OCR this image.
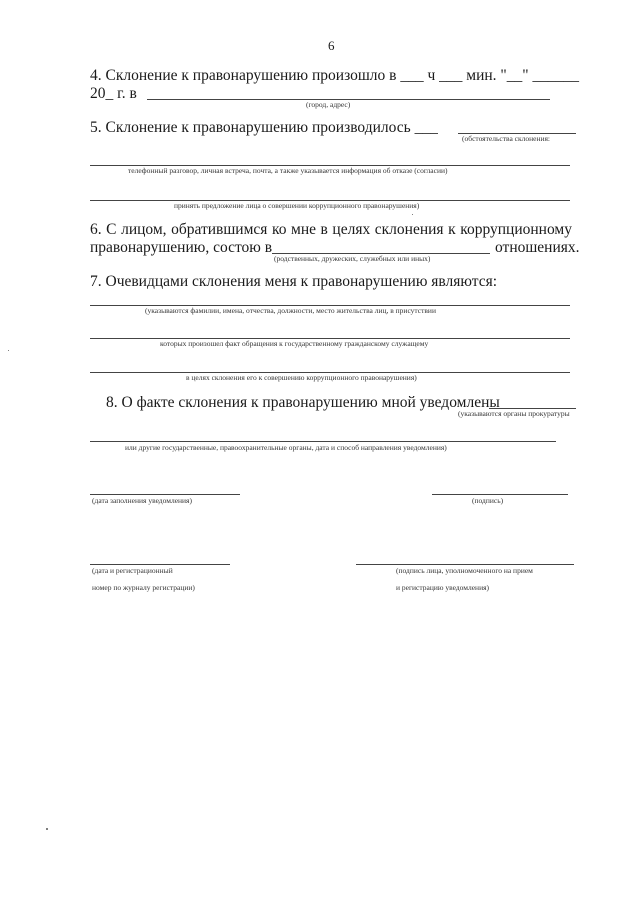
6
4. Склонение к правонарушению произошло в ___ ч ___ мин. "__" ______
20_ г. в
(город, адрес)
5. Склонение к правонарушению производилось ___
(обстоятельства склонения:
телефонный разговор, личная встреча, почта, а также указывается информация об отказе (согласии)
принять предложение лица о совершении коррупционного правонарушения)
6. С лицом, обратившимся ко мне в целях склонения к коррупционному
правонарушению, состою в	отношениях.
(родственных, дружеских, служебных или иных)
7. Очевидцами склонения меня к правонарушению являются:
(указываются фамилии, имена, отчества, должности, место жительства лиц, в присутствии
которых произошел факт обращения к государственному гражданскому служащему
в целях склонения его к совершению коррупционного правонарушения)
8. О факте склонения к правонарушению мной уведомлены
(указываются органы прокуратуры
или другие государственные, правоохранительные органы, дата и способ направления уведомления)
(дата заполнения уведомления)	(подпись)
(дата и регистрационный
номер по журналу регистрации)
(подпись лица, уполномоченного на прием
и регистрацию уведомления)
